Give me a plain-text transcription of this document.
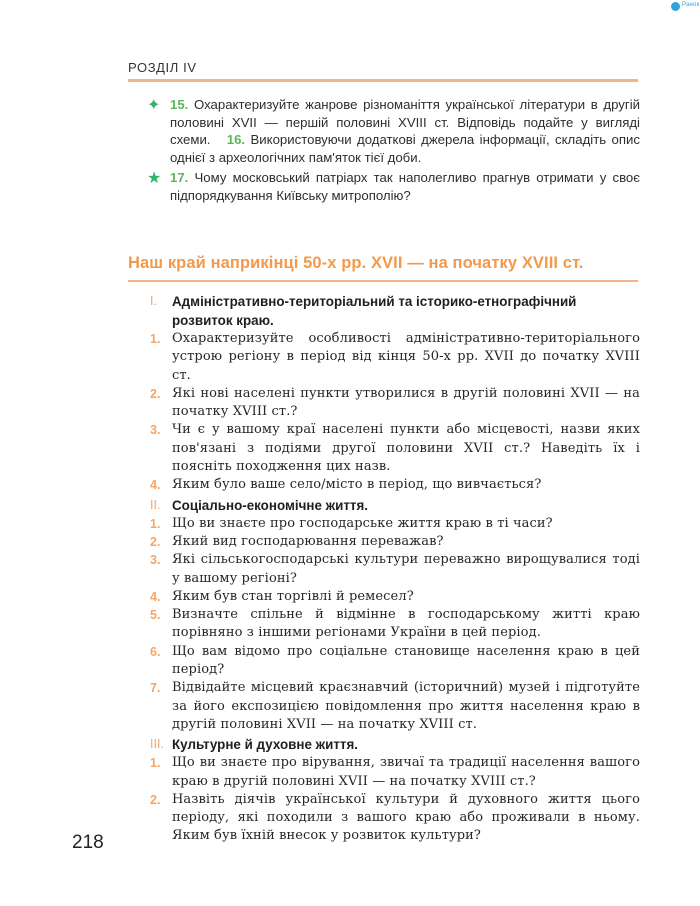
Ранок
РОЗДІЛ IV
✦ 15. Охарактеризуйте жанрове різноманіття української літератури в другій половині XVII — першій половині XVIII ст. Відповідь подайте у вигляді схеми. 16. Використовуючи додаткові джерела інформації, складіть опис однієї з археологічних пам'яток тієї доби.
★ 17. Чому московський патріарх так наполегливо прагнув отримати у своє підпорядкування Київську митрополію?
Наш край наприкінці 50-х рр. XVII — на початку XVIII ст.
I.	Адміністративно-територіальний та історико-етнографічний розвиток краю.
1. Охарактеризуйте особливості адміністративно-територіального устрою регіону в період від кінця 50-х рр. XVII до початку XVIII ст.
2. Які нові населені пункти утворилися в другій половині XVII — на початку XVIII ст.?
3. Чи є у вашому краї населені пункти або місцевості, назви яких пов'язані з подіями другої половини XVII ст.? Наведіть їх і поясніть походження цих назв.
4. Яким було ваше село/місто в період, що вивчається?
II. Соціально-економічне життя.
1. Що ви знаєте про господарське життя краю в ті часи?
2. Який вид господарювання переважав?
3. Які сільськогосподарські культури переважно вирощувалися тоді у вашому регіоні?
4. Яким був стан торгівлі й ремесел?
5. Визначте спільне й відмінне в господарському житті краю порівняно з іншими регіонами України в цей період.
6. Що вам відомо про соціальне становище населення краю в цей період?
7. Відвідайте місцевий краєзнавчий (історичний) музей і підготуйте за його експозицією повідомлення про життя населення краю в другій половині XVII — на початку XVIII ст.
III. Культурне й духовне життя.
1. Що ви знаєте про вірування, звичаї та традиції населення вашого краю в другій половині XVII — на початку XVIII ст.?
2. Назвіть діячів української культури й духовного життя цього періоду, які походили з вашого краю або проживали в ньому. Яким був їхній внесок у розвиток культури?
218
